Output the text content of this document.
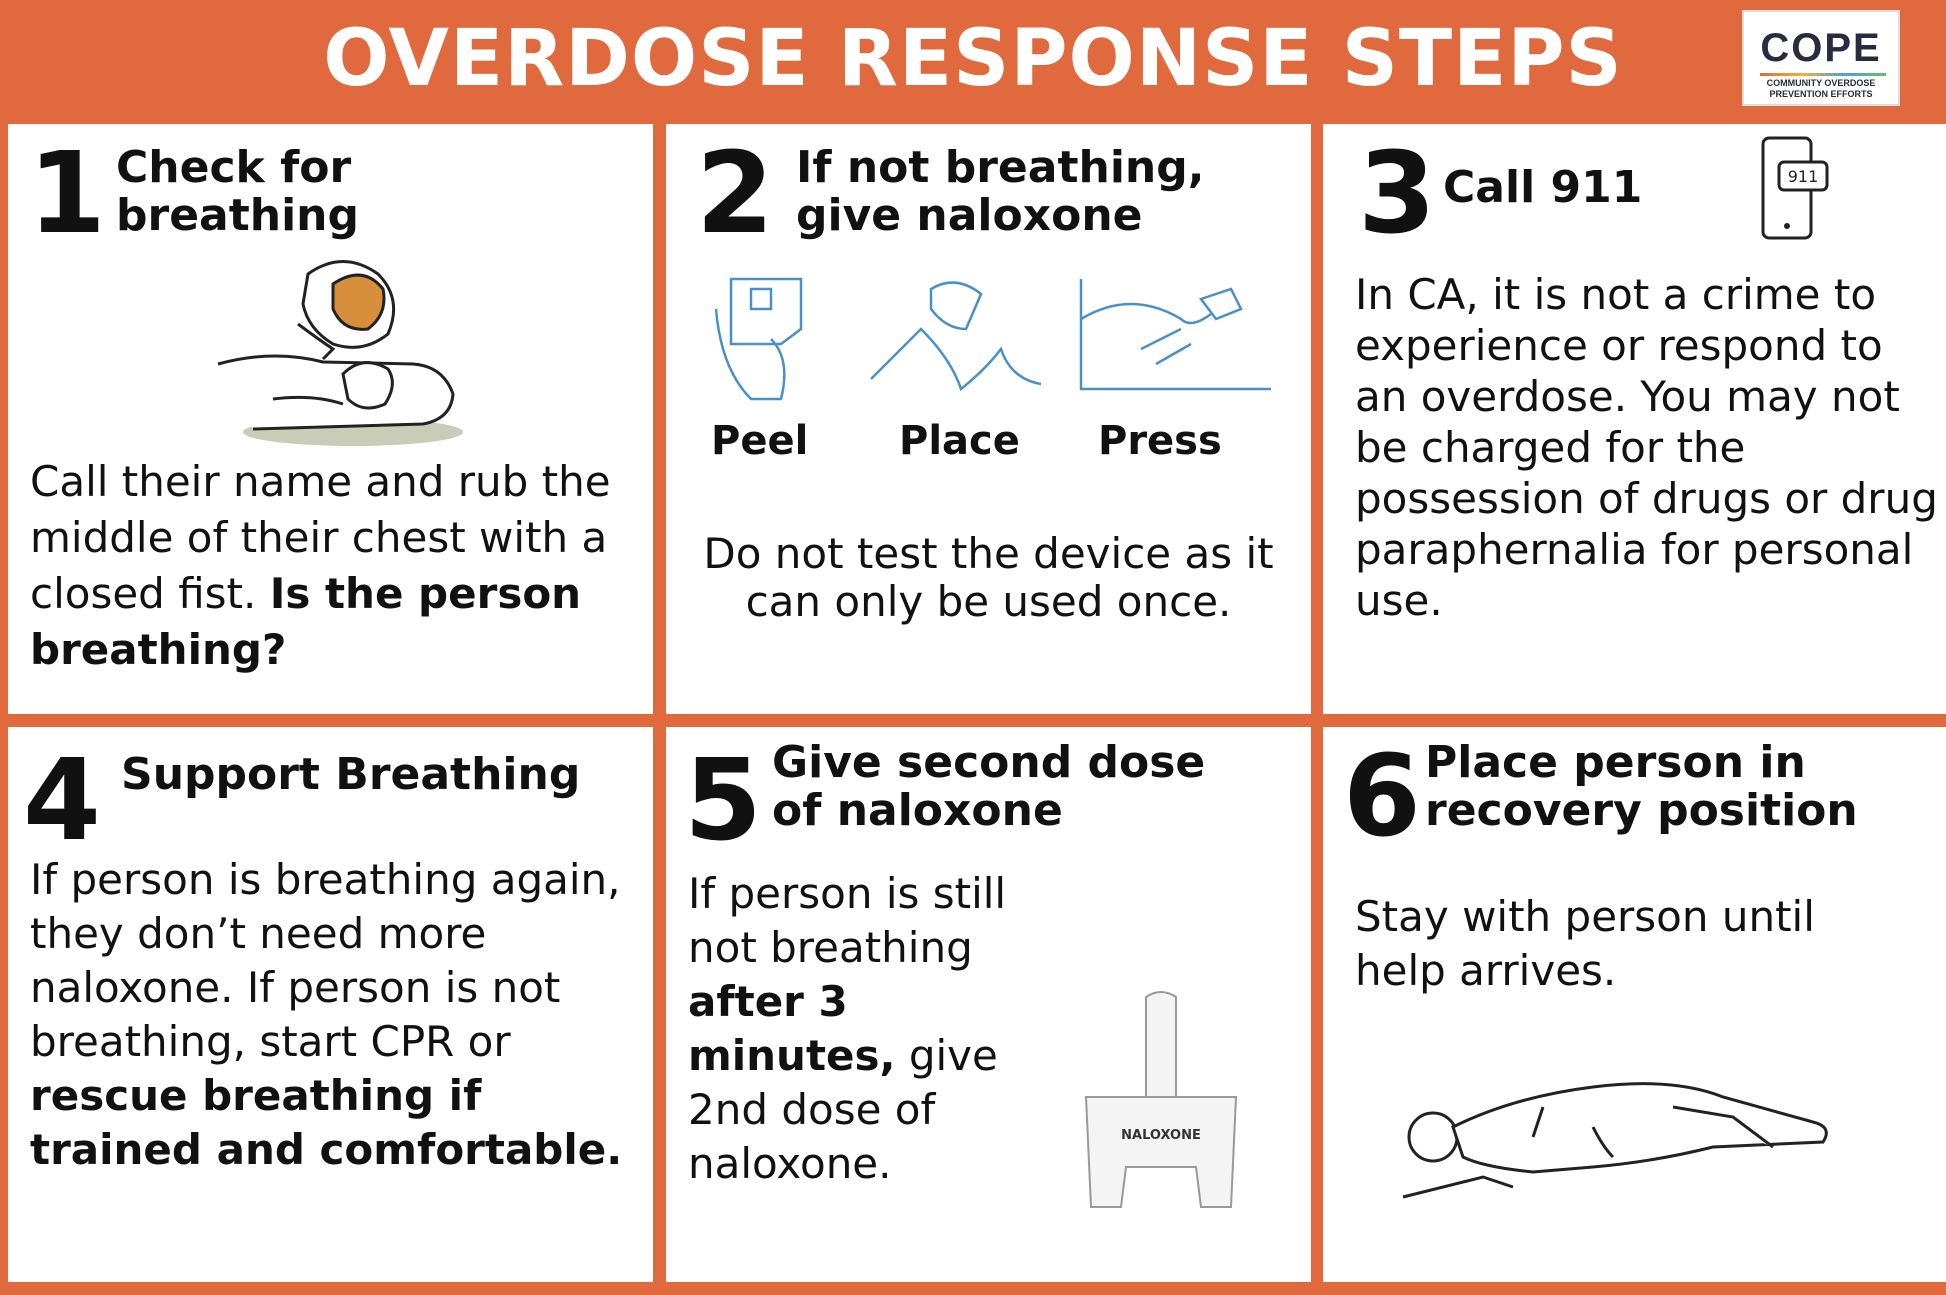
OVERDOSE RESPONSE STEPS	COPE
COMMUNITY OVERDOSE
PREVENTION EFFORTS
1 Check for
breathing
Call their name and rub the middle of their chest with a closed fist. Is the person breathing?
2 If not breathing,
give naloxone
Peel Place Press
Do not test the device as it can only be used once.
3 Call 911	911
In CA, it is not a crime to experience or respond to an overdose. You may not be charged for the possession of drugs or drug paraphernalia for personal use.
4 Support Breathing
If person is breathing again, they don’t need more naloxone. If person is not breathing, start CPR or rescue breathing if trained and comfortable.
5 Give second dose
of naloxone
If person is still not breathing after 3 minutes, give 2nd dose of naloxone.
NALOXONE
6 Place person in
recovery position
Stay with person until help arrives.
